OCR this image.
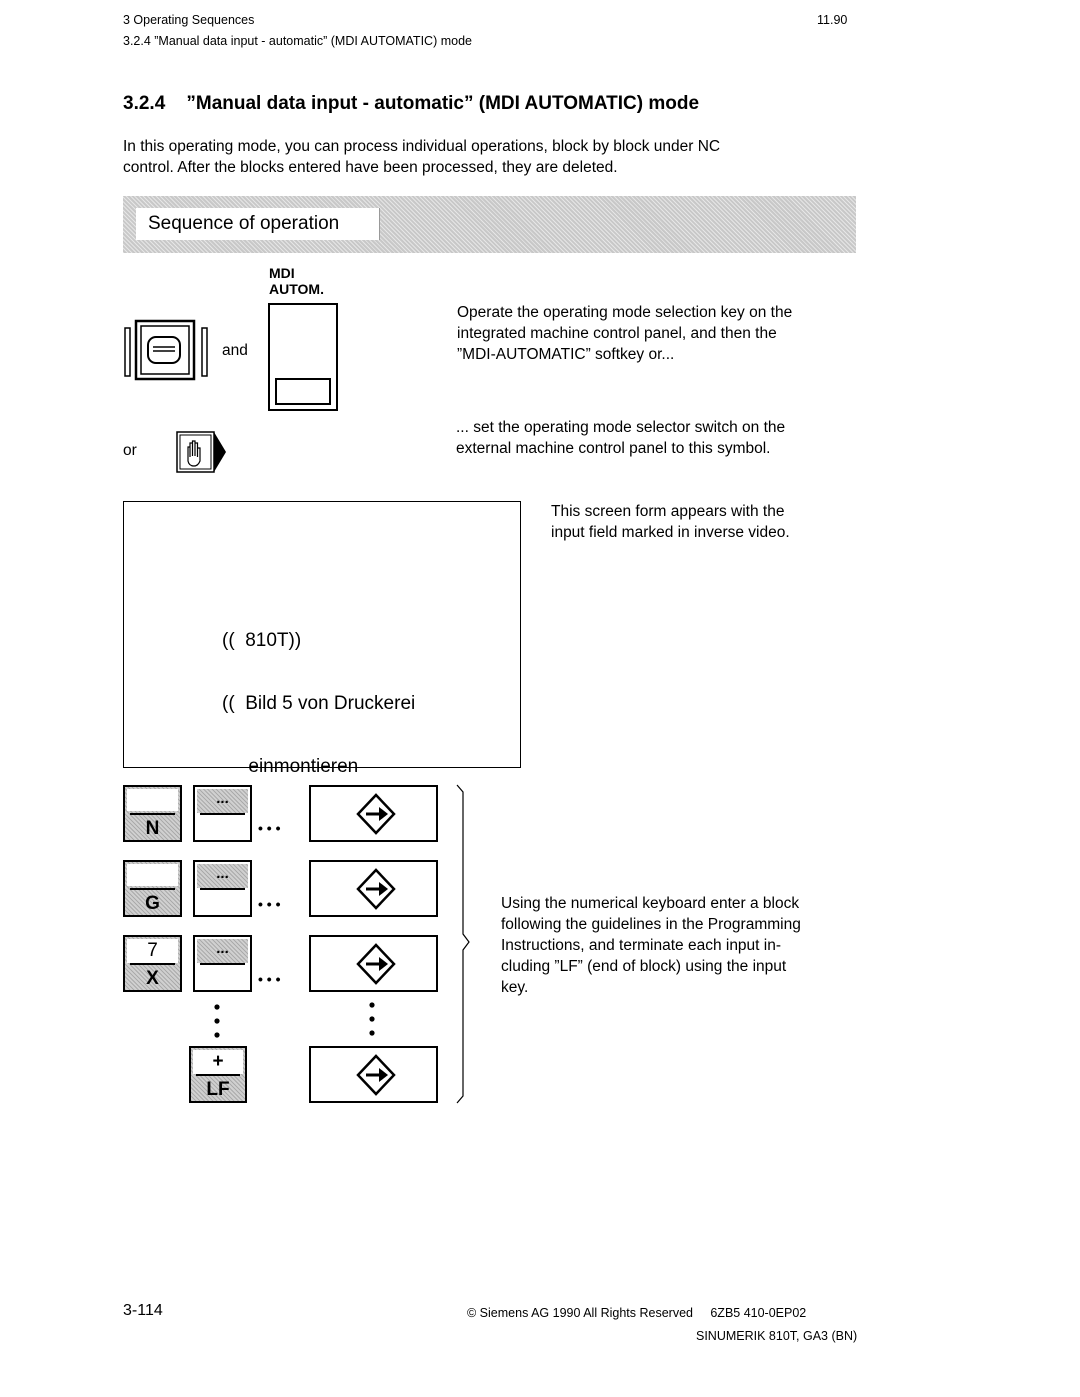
3 Operating Sequences
3.2.4 ”Manual data input - automatic” (MDI AUTOMATIC) mode
11.90
3.2.4    ”Manual data input - automatic” (MDI AUTOMATIC) mode
In this operating mode, you can process individual operations, block by block under NC
control. After the blocks entered have been processed, they are deleted.
Sequence of operation
and
MDI
AUTOM.
or
Operate the operating mode selection key on the
integrated machine control panel, and then the
”MDI-AUTOMATIC” softkey or...
... set the operating mode selector switch on the
external machine control panel to this symbol.

((  810T))

((  Bild 5 von Druckerei

einmontieren

This screen form appears with the
input field marked in inverse video.
N
...
• • •
G
...
• • •
7
X
...
• • •
+
LF
Using the numerical keyboard enter a block
following the guidelines in the Programming
Instructions, and terminate each input in-
cluding ”LF” (end of block) using the input
key.
3-114	© Siemens AG 1990 All Rights Reserved     6ZB5 410-0EP02
SINUMERIK 810T, GA3 (BN)
